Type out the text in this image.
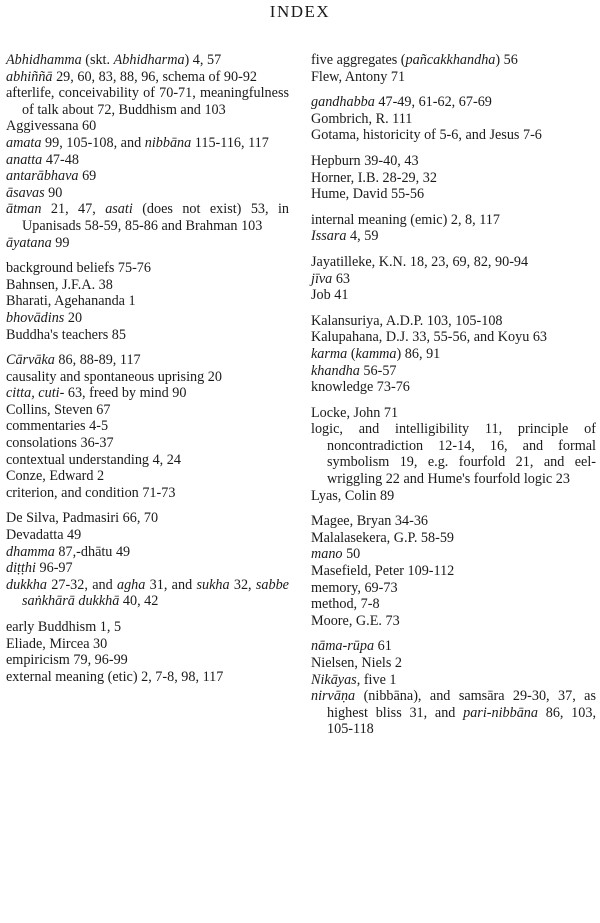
INDEX

Abhidhamma (skt. Abhidharma) 4, 57

abhiññā 29, 60, 83, 88, 96, schema of 90-92

afterlife, conceivability of 70-71, meaningfulness of talk about 72, Buddhism and 103

Aggivessana 60

amata 99, 105-108, and nibbāna 115-116, 117

anatta 47-48

antarābhava 69

āsavas 90

ātman 21, 47, asati (does not exist) 53, in Upanisads 58-59, 85-86 and Brahman 103

āyatana 99

background beliefs 75-76

Bahnsen, J.F.A. 38

Bharati, Agehananda 1

bhovādins 20

Buddha's teachers 85

Cārvāka 86, 88-89, 117

causality and spontaneous uprising 20

citta, cuti- 63, freed by mind 90

Collins, Steven 67

commentaries 4-5

consolations 36-37

contextual understanding 4, 24

Conze, Edward 2

criterion, and condition 71-73

De Silva, Padmasiri 66, 70

Devadatta 49

dhamma 87,-dhātu 49

diṭṭhi 96-97

dukkha 27-32, and agha 31, and sukha 32, sabbe saṅkhārā dukkhā 40, 42

early Buddhism 1, 5

Eliade, Mircea 30

empiricism 79, 96-99

external meaning (etic) 2, 7-8, 98, 117

five aggregates (pañcakkhandha) 56

Flew, Antony 71

gandhabba 47-49, 61-62, 67-69

Gombrich, R. 111

Gotama, historicity of 5-6, and Jesus 7-6

Hepburn 39-40, 43

Horner, I.B. 28-29, 32

Hume, David 55-56

internal meaning (emic) 2, 8, 117

Issara 4, 59

Jayatilleke, K.N. 18, 23, 69, 82, 90-94

jīva 63

Job 41

Kalansuriya, A.D.P. 103, 105-108

Kalupahana, D.J. 33, 55-56, and Koyu 63

karma (kamma) 86, 91

khandha 56-57

knowledge 73-76

Locke, John 71

logic, and intelligibility 11, principle of noncontradiction 12-14, 16, and formal symbolism 19, e.g. fourfold 21, and eel-wriggling 22 and Hume's fourfold logic 23

Lyas, Colin 89

Magee, Bryan 34-36

Malalasekera, G.P. 58-59

mano 50

Masefield, Peter 109-112

memory, 69-73

method, 7-8

Moore, G.E. 73

nāma-rūpa 61

Nielsen, Niels 2

Nikāyas, five 1

nirvāṇa (nibbāna), and samsāra 29-30, 37, as highest bliss 31, and pari-nibbāna 86, 103, 105-118
